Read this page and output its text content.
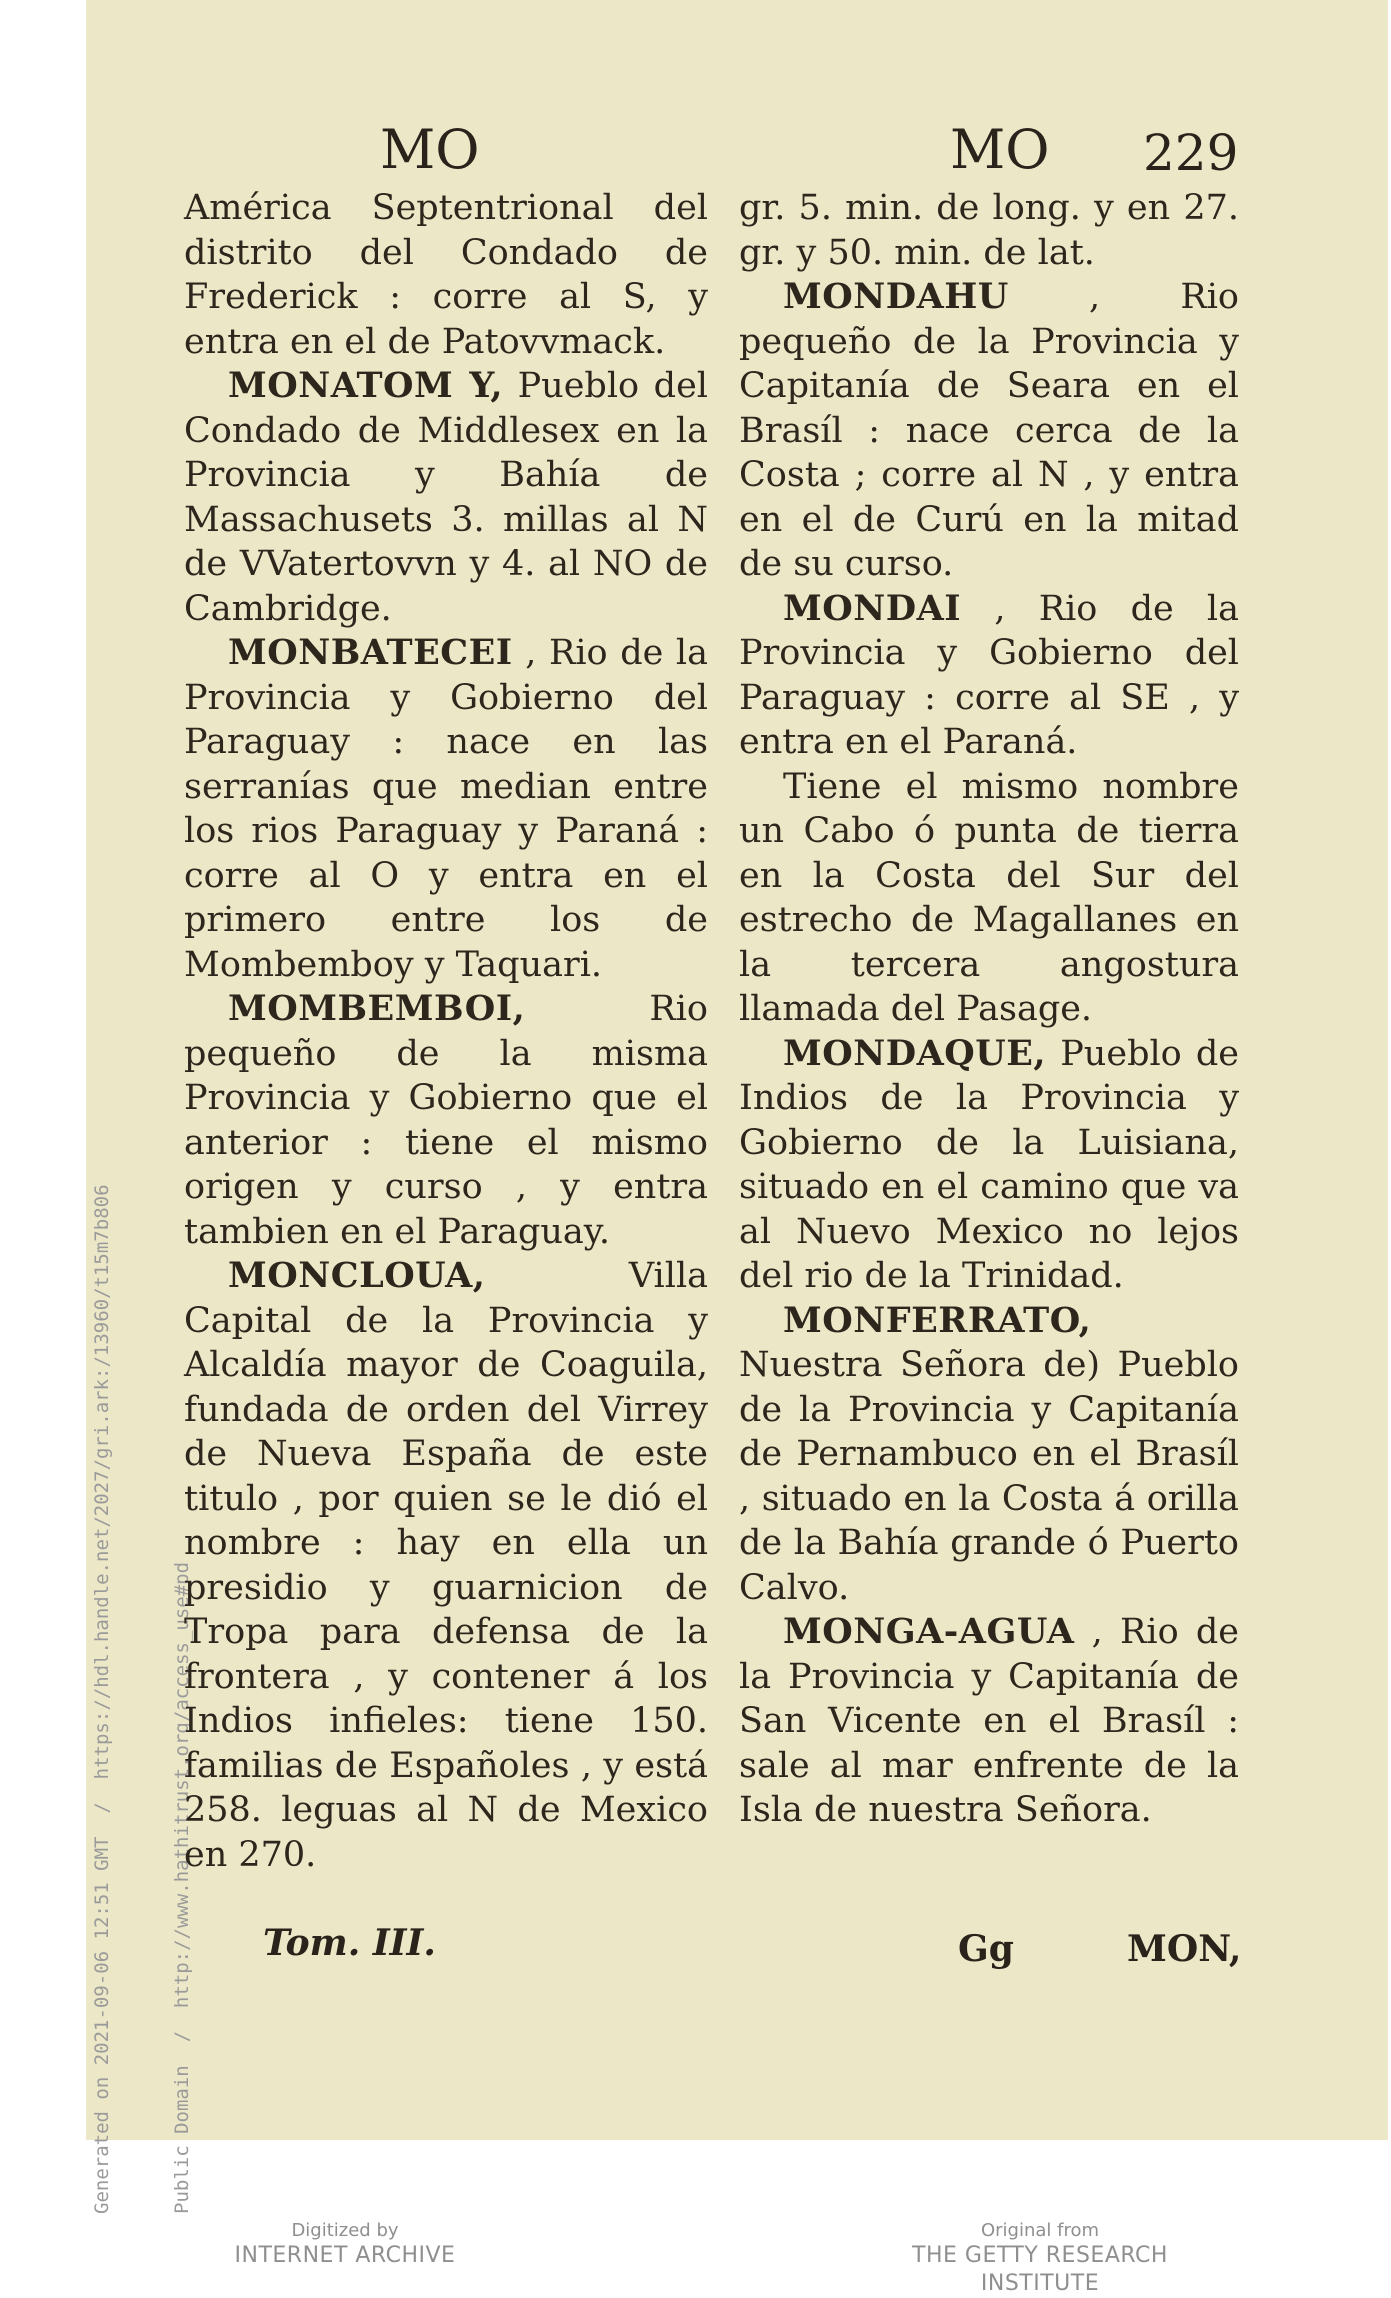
Generated on 2021-09-06 12:51 GMT  /  https://hdl.handle.net/2027/gri.ark:/13960/t15m7b806

	Public Domain  /  http://www.hathitrust.org/access_use#pd

MO	MO 229

América Septentrional del distrito del Condado de Frederick : corre al S, y entra en el de Patovvmack.

MONATOM Y, Pueblo del Condado de Middlesex en la Provincia y Bahía de Massachusets 3. millas al N de VVatertovvn y 4. al NO de Cambridge.

MONBATECEI , Rio de la Provincia y Gobierno del Paraguay : nace en las serranías que median entre los rios Paraguay y Paraná : corre al O y entra en el primero entre los de Mombemboy y Taquari.

MOMBEMBOI, Rio pequeño de la misma Provincia y Gobierno que el anterior : tiene el mismo origen y curso , y entra tambien en el Paraguay.

MONCLOUA, Villa Capital de la Provincia y Alcaldía mayor de Coaguila, fundada de orden del Virrey de Nueva España de este titulo , por quien se le dió el nombre : hay en ella un presidio y guarnicion de Tropa para defensa de la frontera , y contener á los Indios infieles: tiene 150. familias de Españoles , y está 258. leguas al N de Mexico en 270.

gr. 5. min. de long. y en 27. gr. y 50. min. de lat.

MONDAHU , Rio pequeño de la Provincia y Capitanía de Seara en el Brasíl : nace cerca de la Costa ; corre al N , y entra en el de Curú en la mitad de su curso.

MONDAI , Rio de la Provincia y Gobierno del Paraguay : corre al SE , y entra en el Paraná.

Tiene el mismo nombre un Cabo ó punta de tierra en la Costa del Sur del estrecho de Magallanes en la tercera angostura llamada del Pasage.

MONDAQUE, Pueblo de Indios de la Provincia y Gobierno de la Luisiana, situado en el camino que va al Nuevo Mexico no lejos del rio de la Trinidad.

MONFERRATO, Nuestra Señora de) Pueblo de la Provincia y Capitanía de Pernambuco en el Brasíl , situado en la Costa á orilla de la Bahía grande ó Puerto Calvo.

MONGA-AGUA , Rio de la Provincia y Capitanía de San Vicente en el Brasíl : sale al mar enfrente de la Isla de nuestra Señora.

Tom. III.	Gg	MON,
Digitized by
INTERNET ARCHIVE
Original from
THE GETTY RESEARCH INSTITUTE
